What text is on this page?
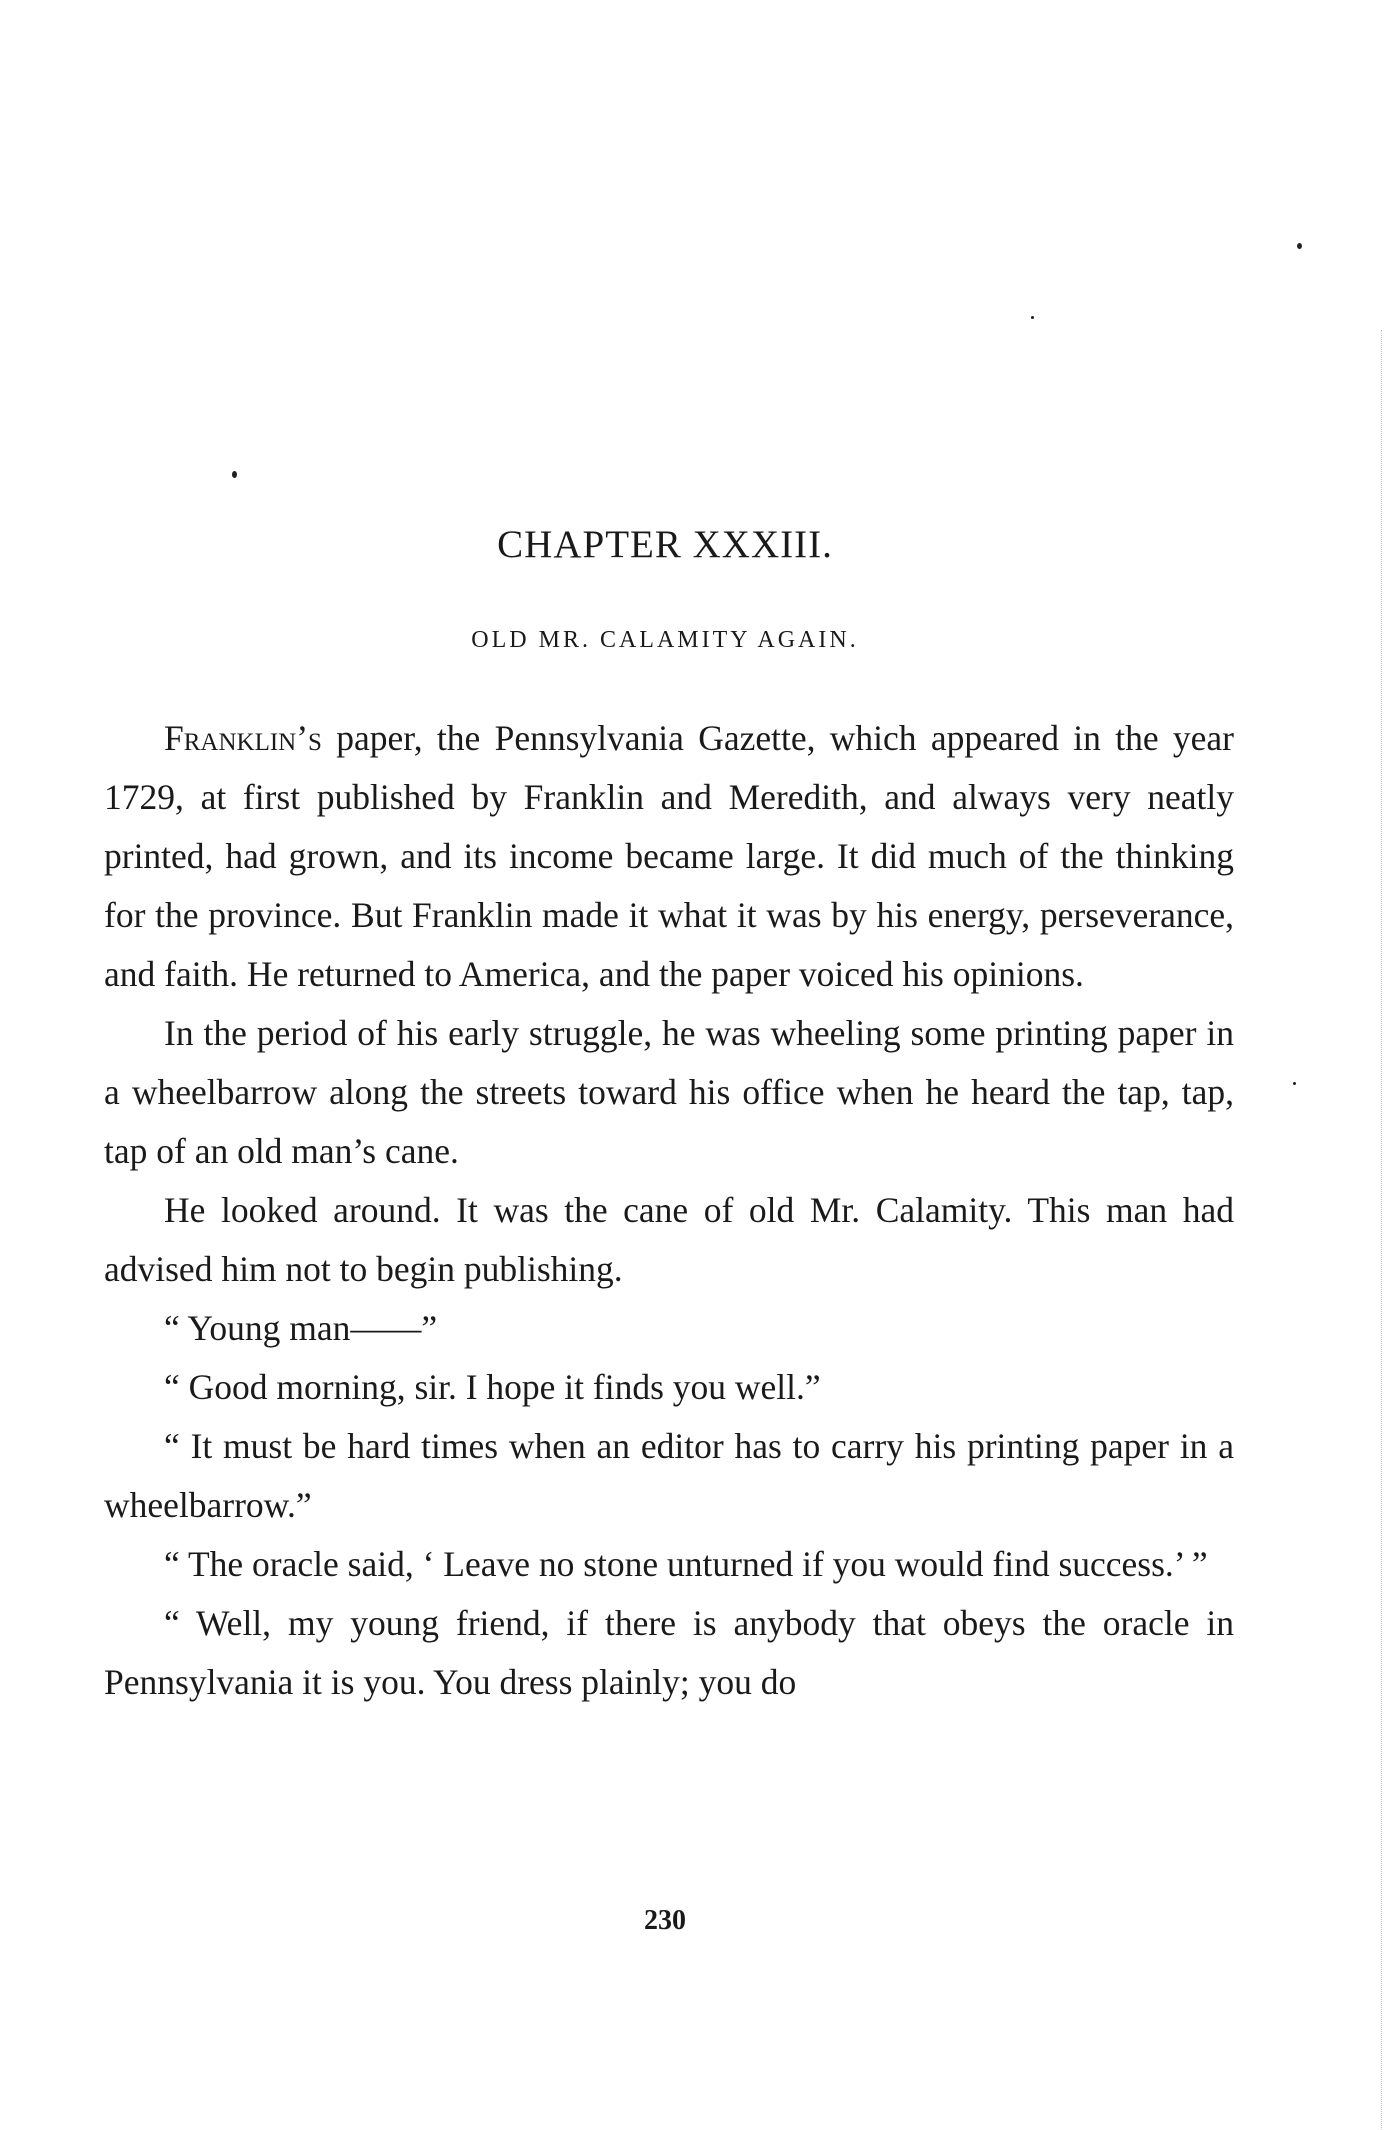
CHAPTER XXXIII.
OLD MR. CALAMITY AGAIN.

Franklin’s paper, the Pennsylvania Gazette, which appeared in the year 1729, at first published by Franklin and Meredith, and always very neatly printed, had grown, and its income became large. It did much of the thinking for the province. But Franklin made it what it was by his energy, perseverance, and faith. He returned to America, and the paper voiced his opinions.

In the period of his early struggle, he was wheeling some printing paper in a wheelbarrow along the streets toward his office when he heard the tap, tap, tap of an old man’s cane.

He looked around. It was the cane of old Mr. Calamity. This man had advised him not to begin publishing.

“ Young man——”

“ Good morning, sir. I hope it finds you well.”

“ It must be hard times when an editor has to carry his printing paper in a wheelbarrow.”

“ The oracle said, ‘ Leave no stone unturned if you would find success.’ ”

“ Well, my young friend, if there is anybody that obeys the oracle in Pennsylvania it is you. You dress plainly; you do

230
